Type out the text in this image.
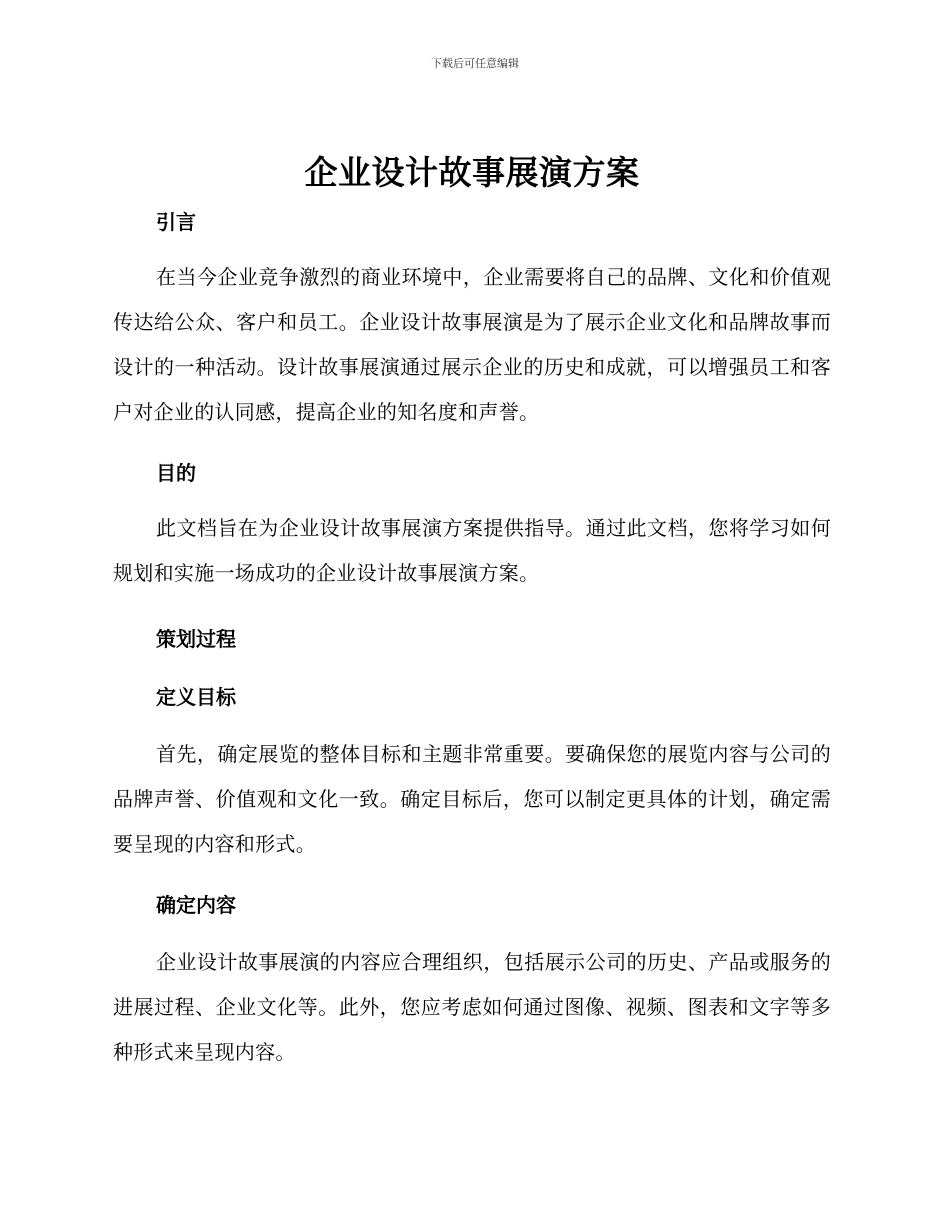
下载后可任意编辑
企业设计故事展演方案
引言

在当今企业竞争激烈的商业环境中，企业需要将自己的品牌、文化和价值观传达给公众、客户和员工。企业设计故事展演是为了展示企业文化和品牌故事而设计的一种活动。设计故事展演通过展示企业的历史和成就，可以增强员工和客户对企业的认同感，提高企业的知名度和声誉。

目的

此文档旨在为企业设计故事展演方案提供指导。通过此文档，您将学习如何规划和实施一场成功的企业设计故事展演方案。

策划过程
定义目标

首先，确定展览的整体目标和主题非常重要。要确保您的展览内容与公司的品牌声誉、价值观和文化一致。确定目标后，您可以制定更具体的计划，确定需要呈现的内容和形式。

确定内容

企业设计故事展演的内容应合理组织，包括展示公司的历史、产品或服务的进展过程、企业文化等。此外，您应考虑如何通过图像、视频、图表和文字等多种形式来呈现内容。
